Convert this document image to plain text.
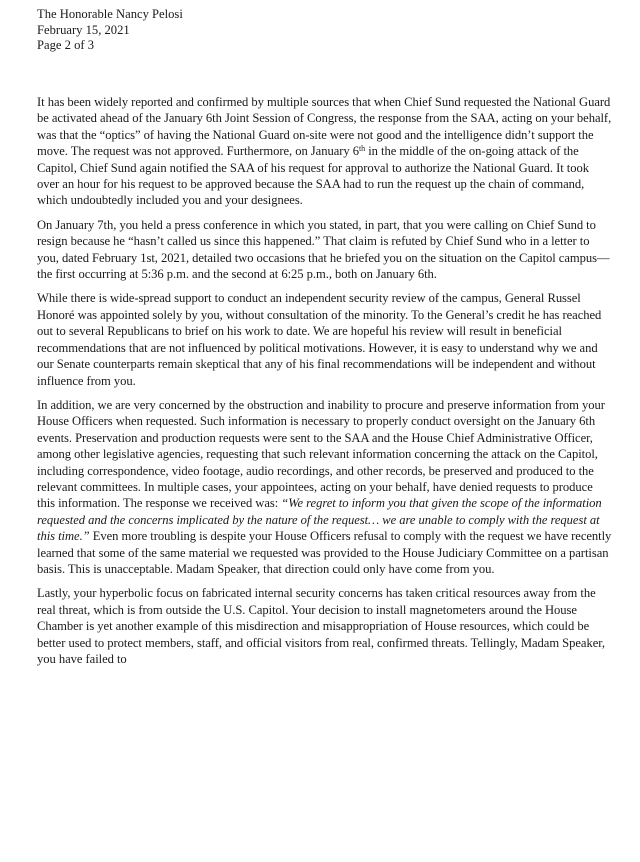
The Honorable Nancy Pelosi
February 15, 2021
Page 2 of 3

It has been widely reported and confirmed by multiple sources that when Chief Sund requested the National Guard be activated ahead of the January 6th Joint Session of Congress, the response from the SAA, acting on your behalf, was that the “optics” of having the National Guard on-site were not good and the intelligence didn’t support the move. The request was not approved. Furthermore, on January 6th in the middle of the on-going attack of the Capitol, Chief Sund again notified the SAA of his request for approval to authorize the National Guard. It took over an hour for his request to be approved because the SAA had to run the request up the chain of command, which undoubtedly included you and your designees.

On January 7th, you held a press conference in which you stated, in part, that you were calling on Chief Sund to resign because he “hasn’t called us since this happened.” That claim is refuted by Chief Sund who in a letter to you, dated February 1st, 2021, detailed two occasions that he briefed you on the situation on the Capitol campus—the first occurring at 5:36 p.m. and the second at 6:25 p.m., both on January 6th.

While there is wide-spread support to conduct an independent security review of the campus, General Russel Honoré was appointed solely by you, without consultation of the minority. To the General’s credit he has reached out to several Republicans to brief on his work to date. We are hopeful his review will result in beneficial recommendations that are not influenced by political motivations. However, it is easy to understand why we and our Senate counterparts remain skeptical that any of his final recommendations will be independent and without influence from you.

In addition, we are very concerned by the obstruction and inability to procure and preserve information from your House Officers when requested. Such information is necessary to properly conduct oversight on the January 6th events. Preservation and production requests were sent to the SAA and the House Chief Administrative Officer, among other legislative agencies, requesting that such relevant information concerning the attack on the Capitol, including correspondence, video footage, audio recordings, and other records, be preserved and produced to the relevant committees. In multiple cases, your appointees, acting on your behalf, have denied requests to produce this information. The response we received was: “We regret to inform you that given the scope of the information requested and the concerns implicated by the nature of the request… we are unable to comply with the request at this time.” Even more troubling is despite your House Officers refusal to comply with the request we have recently learned that some of the same material we requested was provided to the House Judiciary Committee on a partisan basis. This is unacceptable. Madam Speaker, that direction could only have come from you.

Lastly, your hyperbolic focus on fabricated internal security concerns has taken critical resources away from the real threat, which is from outside the U.S. Capitol. Your decision to install magnetometers around the House Chamber is yet another example of this misdirection and misappropriation of House resources, which could be better used to protect members, staff, and official visitors from real, confirmed threats. Tellingly, Madam Speaker, you have failed to
